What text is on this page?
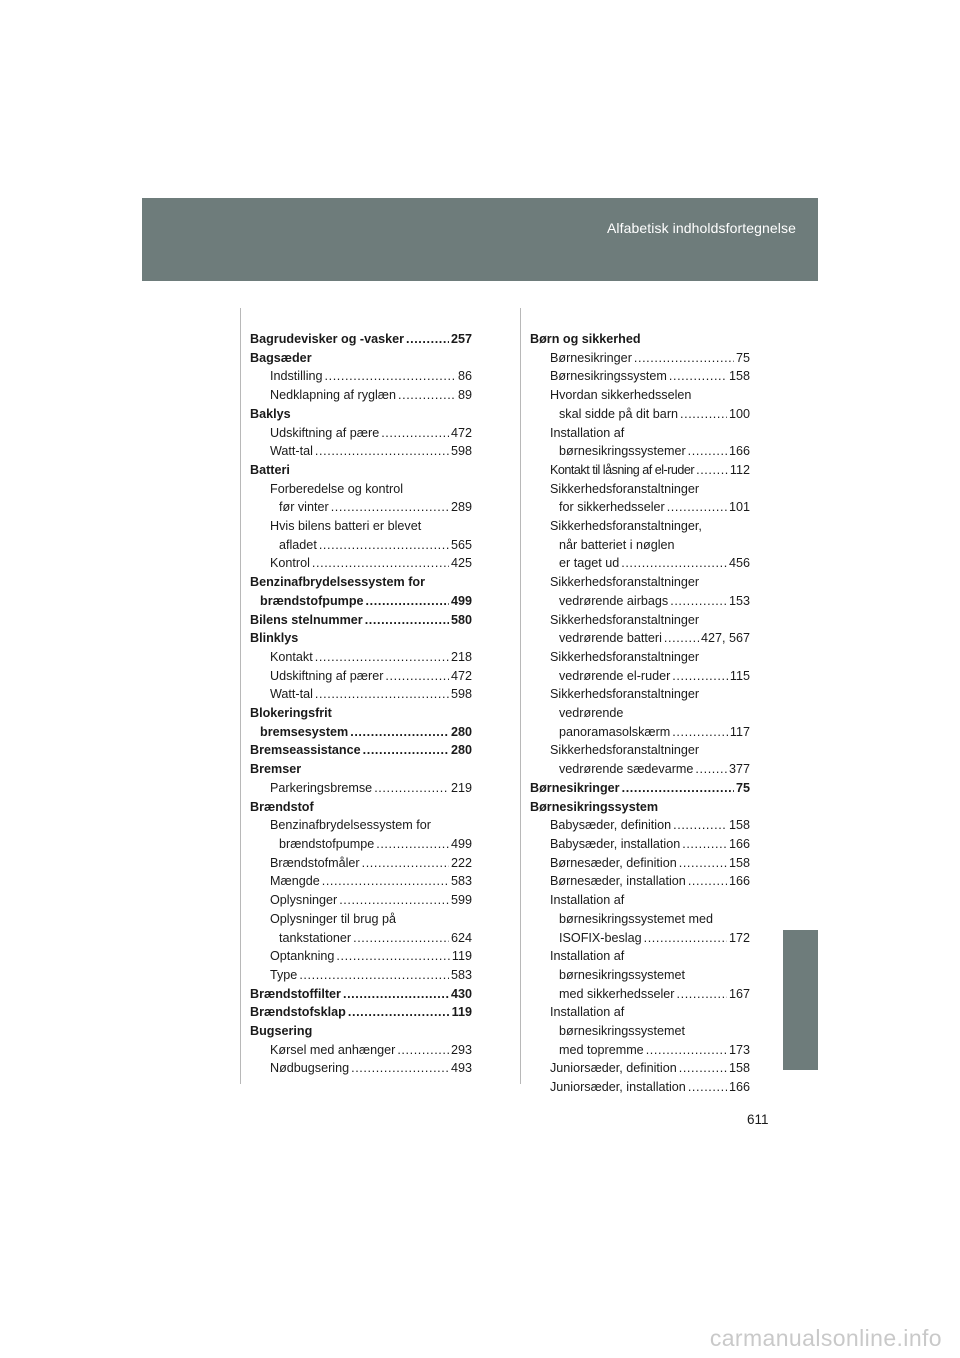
Alfabetisk indholdsfortegnelse
Bagrudevisker og -vasker .....	257
Bagsæder
Indstilling .....	86
Nedklapning af ryglæn .....	89
Baklys
Udskiftning af pære .....	472
Watt-tal .....	598
Batteri
Forberedelse og kontrol
før vinter .....	289
Hvis bilens batteri er blevet
afladet .....	565
Kontrol .....	425
Benzinafbrydelsessystem for
brændstofpumpe .....	499
Bilens stelnummer .....	580
Blinklys
Kontakt .....	218
Udskiftning af pærer .....	472
Watt-tal .....	598
Blokeringsfrit
bremsesystem .....	280
Bremseassistance .....	280
Bremser
Parkeringsbremse .....	219
Brændstof
Benzinafbrydelsessystem for
brændstofpumpe .....	499
Brændstofmåler .....	222
Mængde .....	583
Oplysninger .....	599
Oplysninger til brug på
tankstationer .....	624
Optankning .....	119
Type .....	583
Brændstoffilter .....	430
Brændstofsklap .....	119
Bugsering
Kørsel med anhænger .....	293
Nødbugsering .....	493
Børn og sikkerhed
Børnesikringer .....	75
Børnesikringssystem .....	158
Hvordan sikkerhedsselen
skal sidde på dit barn .....	100
Installation af
børnesikringssystemer .....	166
Kontakt til låsning af el-ruder .....	112
Sikkerhedsforanstaltninger
for sikkerhedsseler .....	101
Sikkerhedsforanstaltninger,
når batteriet i nøglen
er taget ud .....	456
Sikkerhedsforanstaltninger
vedrørende airbags .....	153
Sikkerhedsforanstaltninger
vedrørende batteri .....	427, 567
Sikkerhedsforanstaltninger
vedrørende el-ruder .....	115
Sikkerhedsforanstaltninger
vedrørende
panoramasolskærm .....	117
Sikkerhedsforanstaltninger
vedrørende sædevarme .....	377
Børnesikringer .....	75
Børnesikringssystem
Babysæder, definition .....	158
Babysæder, installation .....	166
Børnesæder, definition .....	158
Børnesæder, installation .....	166
Installation af
børnesikringssystemet med
ISOFIX-beslag .....	172
Installation af
børnesikringssystemet
med sikkerhedsseler .....	167
Installation af
børnesikringssystemet
med topremme .....	173
Juniorsæder, definition .....	158
Juniorsæder, installation .....	166
611
carmanualsonline.info
